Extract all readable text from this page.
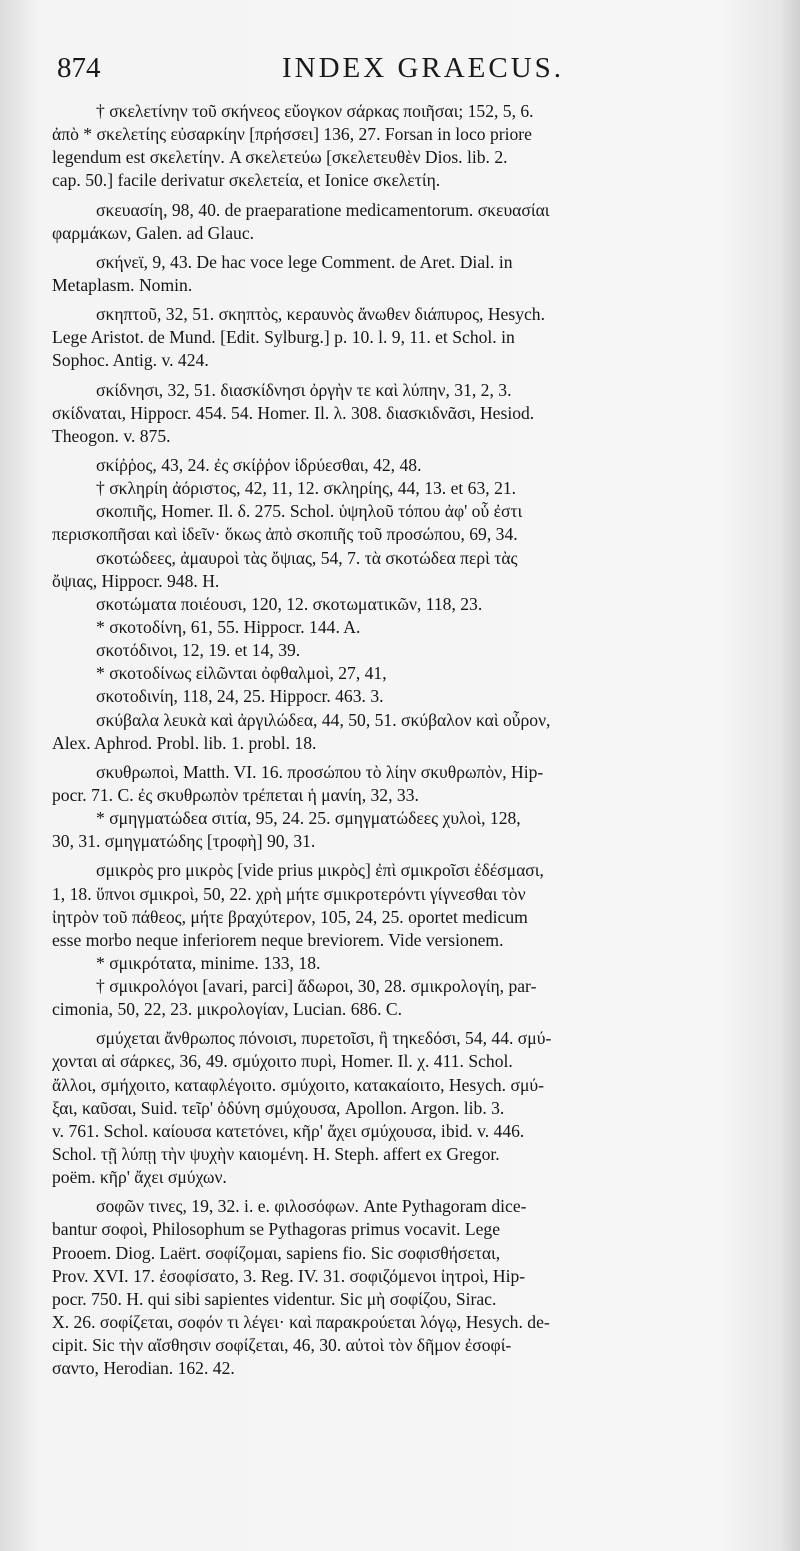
874	INDEX GRAECUS.
† σκελετίνην τοῦ σκήνεος εὔογκον σάρκας ποιῆσαι; 152, 5, 6.
ἀπὸ * σκελετίης εὐσαρκίην [πρήσσει] 136, 27. Forsan in loco priore
legendum est σκελετίην. A σκελετεύω [σκελετευθὲν Dios. lib. 2.
cap. 50.] facile derivatur σκελετεία, et Ionice σκελετίη.
σκευασίη, 98, 40. de praeparatione medicamentorum. σκευασίαι
φαρμάκων, Galen. ad Glauc.
σκήνεϊ, 9, 43. De hac voce lege Comment. de Aret. Dial. in
Metaplasm. Nomin.
σκηπτοῦ, 32, 51. σκηπτὸς, κεραυνὸς ἄνωθεν διάπυρος, Hesych.
Lege Aristot. de Mund. [Edit. Sylburg.] p. 10. l. 9, 11. et Schol. in
Sophoc. Antig. v. 424.
σκίδνησι, 32, 51. διασκίδνησι ὀργὴν τε καὶ λύπην, 31, 2, 3.
σκίδναται, Hippocr. 454. 54. Homer. Il. λ. 308. διασκιδνᾶσι, Hesiod.
Theogon. v. 875.
σκίῤῥος, 43, 24. ἐς σκίῤῥον ἱδρύεσθαι, 42, 48.
† σκληρίη ἀόριστος, 42, 11, 12. σκληρίης, 44, 13. et 63, 21.
σκοπιῆς, Homer. Il. δ. 275. Schol. ὑψηλοῦ τόπου ἀφ' οὗ ἐστι
περισκοπῆσαι καὶ ἰδεῖν· ὅκως ἀπὸ σκοπιῆς τοῦ προσώπου, 69, 34.
σκοτώδεες, ἀμαυροὶ τὰς ὄψιας, 54, 7. τὰ σκοτώδεα περὶ τὰς
ὄψιας, Hippocr. 948. H.
σκοτώματα ποιέουσι, 120, 12. σκοτωματικῶν, 118, 23.
* σκοτοδίνη, 61, 55. Hippocr. 144. A.
σκοτόδινοι, 12, 19. et 14, 39.
* σκοτοδίνως εἰλῶνται ὀφθαλμοὶ, 27, 41,
σκοτοδινίη, 118, 24, 25. Hippocr. 463. 3.
σκύβαλα λευκὰ καὶ ἀργιλώδεα, 44, 50, 51. σκύβαλον καὶ οὖρον,
Alex. Aphrod. Probl. lib. 1. probl. 18.
σκυθρωποὶ, Matth. VI. 16. προσώπου τὸ λίην σκυθρωπὸν, Hip-
pocr. 71. C. ἐς σκυθρωπὸν τρέπεται ἡ μανίη, 32, 33.
* σμηγματώδεα σιτία, 95, 24. 25. σμηγματώδεες χυλοὶ, 128,
30, 31. σμηγματώδης [τροφὴ] 90, 31.
σμικρὸς pro μικρὸς [vide prius μικρὸς] ἐπὶ σμικροῖσι ἐδέσμασι,
1, 18. ὕπνοι σμικροὶ, 50, 22. χρὴ μήτε σμικροτερόντι γίγνεσθαι τὸν
ἰητρὸν τοῦ πάθεος, μήτε βραχύτερον, 105, 24, 25. oportet medicum
esse morbo neque inferiorem neque breviorem. Vide versionem.
* σμικρότατα, minime. 133, 18.
† σμικρολόγοι [avari, parci] ἄδωροι, 30, 28. σμικρολογίη, par-
cimonia, 50, 22, 23. μικρολογίαν, Lucian. 686. C.
σμύχεται ἄνθρωπος πόνοισι, πυρετοῖσι, ἢ τηκεδόσι, 54, 44. σμύ-
χονται αἱ σάρκες, 36, 49. σμύχοιτο πυρὶ, Homer. Il. χ. 411. Schol.
ἄλλοι, σμήχοιτο, καταφλέγοιτο. σμύχοιτο, κατακαίοιτο, Hesych. σμύ-
ξαι, καῦσαι, Suid. τεῖρ' ὀδύνη σμύχουσα, Apollon. Argon. lib. 3.
v. 761. Schol. καίουσα κατετόνει, κῆρ' ἄχει σμύχουσα, ibid. v. 446.
Schol. τῇ λύπῃ τὴν ψυχὴν καιομένη. H. Steph. affert ex Gregor.
poëm. κῆρ' ἄχει σμύχων.
σοφῶν τινες, 19, 32. i. e. φιλοσόφων. Ante Pythagoram dice-
bantur σοφοὶ, Philosophum se Pythagoras primus vocavit. Lege
Prooem. Diog. Laërt. σοφίζομαι, sapiens fio. Sic σοφισθήσεται,
Prov. XVI. 17. ἐσοφίσατο, 3. Reg. IV. 31. σοφιζόμενοι ἰητροὶ, Hip-
pocr. 750. H. qui sibi sapientes videntur. Sic μὴ σοφίζου, Sirac.
X. 26. σοφίζεται, σοφόν τι λέγει· καὶ παρακρούεται λόγῳ, Hesych. de-
cipit. Sic τὴν αἴσθησιν σοφίζεται, 46, 30. αὐτοὶ τὸν δῆμον ἐσοφί-
σαντο, Herodian. 162. 42.
